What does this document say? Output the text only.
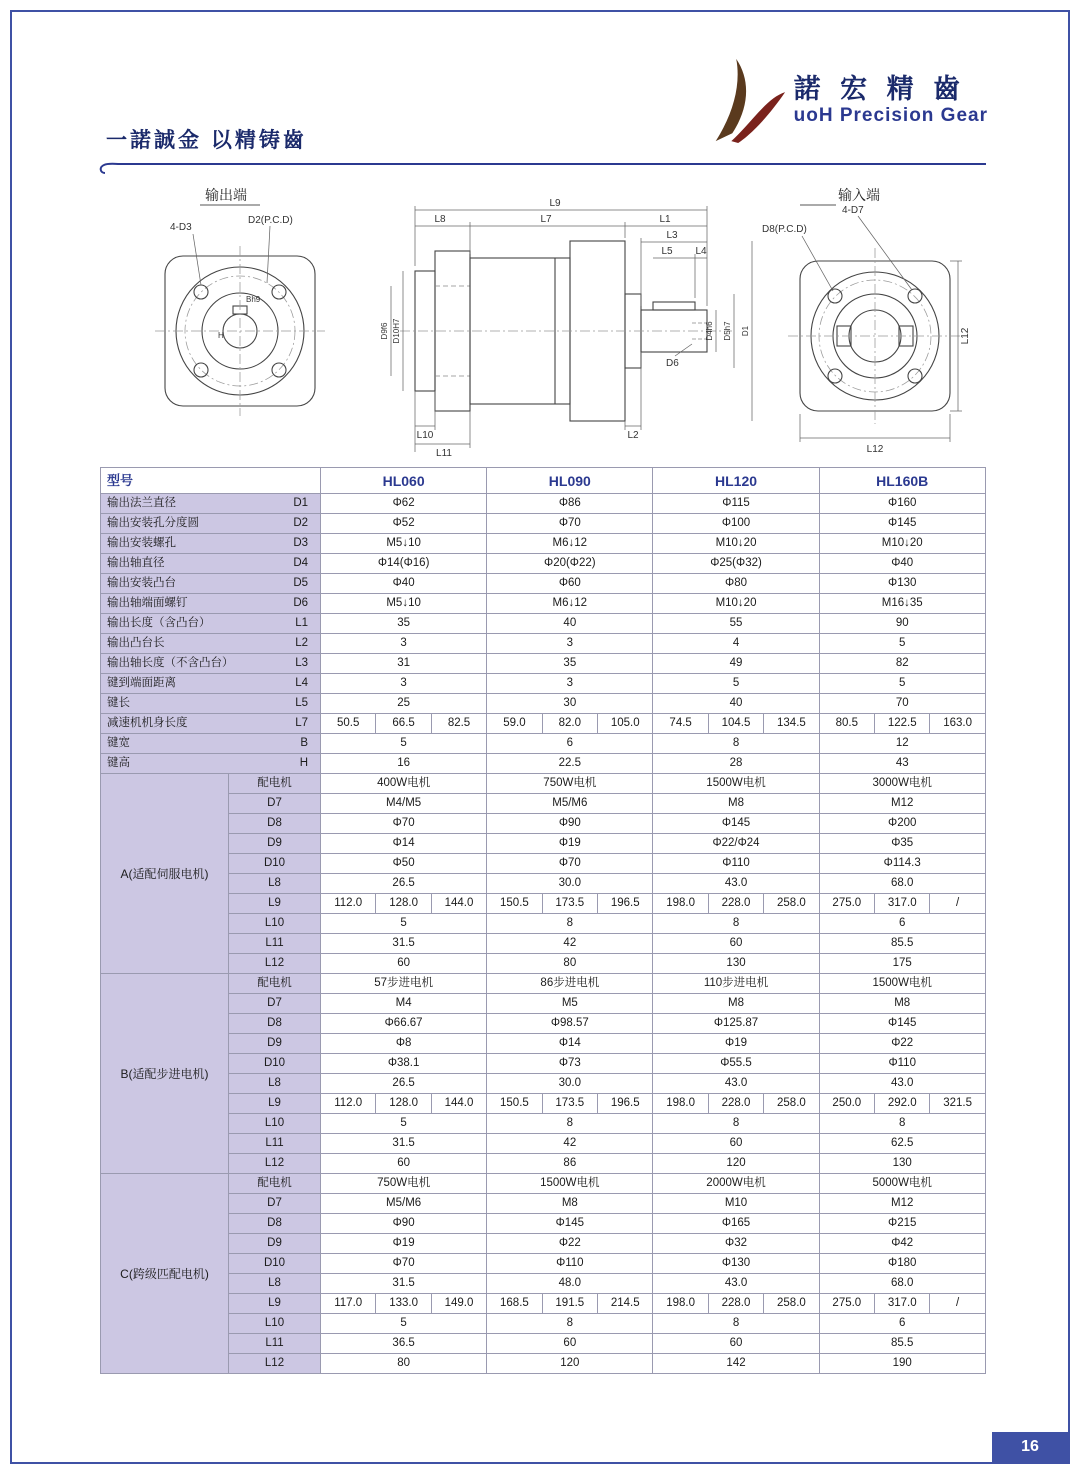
一諾誠金 以精铸齒
諾 宏 精 齒
uoH Precision Gear
输出端	输入端
4-D3
D2(P.C.D)
Bh9
H
L9
L8	L7	L1
L3
L5 L4
D10H7
D9f6	D4h6 D5h7 D1
D6
L10
L11
L2
D8(P.C.D)
4-D7
L12
L12
型号		HL060			HL090			HL120			HL160B		

输出法兰直径 D1		Φ62			Φ86			Φ115			Φ160		

输出安装孔分度圆 D2		Φ52			Φ70			Φ100			Φ145		

输出安装螺孔 D3		M5↓10			M6↓12			M10↓20			M10↓20		

输出轴直径 D4		Φ14(Φ16)			Φ20(Φ22)			Φ25(Φ32)			Φ40		

输出安装凸台 D5		Φ40			Φ60			Φ80			Φ130		

输出轴端面螺钉 D6		M5↓10			M6↓12			M10↓20			M16↓35		

输出长度（含凸台） L1		35			40			55			90		

输出凸台长 L2		3			3			4			5		

输出轴长度（不含凸台） L3		31			35			49			82		

键到端面距离 L4		3			3			5			5		

键长 L5		25			30			40			70		

减速机机身长度 L7		50.5	66.5	82.5	59.0	82.0	105.0	74.5	104.5	134.5	80.5	122.5	163.0

键宽 B		5			6			8			12		

键高 H		16			22.5			28			43		
A(适配伺服电机)	配电机	400W电机			750W电机			1500W电机			3000W电机		
	D7	M4/M5			M5/M6			M8			M12		
	D8	Φ70			Φ90			Φ145			Φ200		
	D9	Φ14			Φ19			Φ22/Φ24			Φ35		
	D10	Φ50			Φ70			Φ110			Φ114.3		
	L8	26.5			30.0			43.0			68.0		
	L9	112.0	128.0	144.0	150.5	173.5	196.5	198.0	228.0	258.0	275.0	317.0	/
	L10	5			8			8			6		
	L11	31.5			42			60			85.5		
	L12	60			80			130			175		
B(适配步进电机)	配电机	57步进电机			86步进电机			110步进电机			1500W电机		
	D7	M4			M5			M8			M8		
	D8	Φ66.67			Φ98.57			Φ125.87			Φ145		
	D9	Φ8			Φ14			Φ19			Φ22		
	D10	Φ38.1			Φ73			Φ55.5			Φ110		
	L8	26.5			30.0			43.0			43.0		
	L9	112.0	128.0	144.0	150.5	173.5	196.5	198.0	228.0	258.0	250.0	292.0	321.5
	L10	5			8			8			8		
	L11	31.5			42			60			62.5		
	L12	60			86			120			130		
C(跨级匹配电机)	配电机	750W电机			1500W电机			2000W电机			5000W电机		
	D7	M5/M6			M8			M10			M12		
	D8	Φ90			Φ145			Φ165			Φ215		
	D9	Φ19			Φ22			Φ32			Φ42		
	D10	Φ70			Φ110			Φ130			Φ180		
	L8	31.5			48.0			43.0			68.0		
	L9	117.0	133.0	149.0	168.5	191.5	214.5	198.0	228.0	258.0	275.0	317.0	/
	L10	5			8			8			6		
	L11	36.5			60			60			85.5		
	L12	80			120			142			190		
16
